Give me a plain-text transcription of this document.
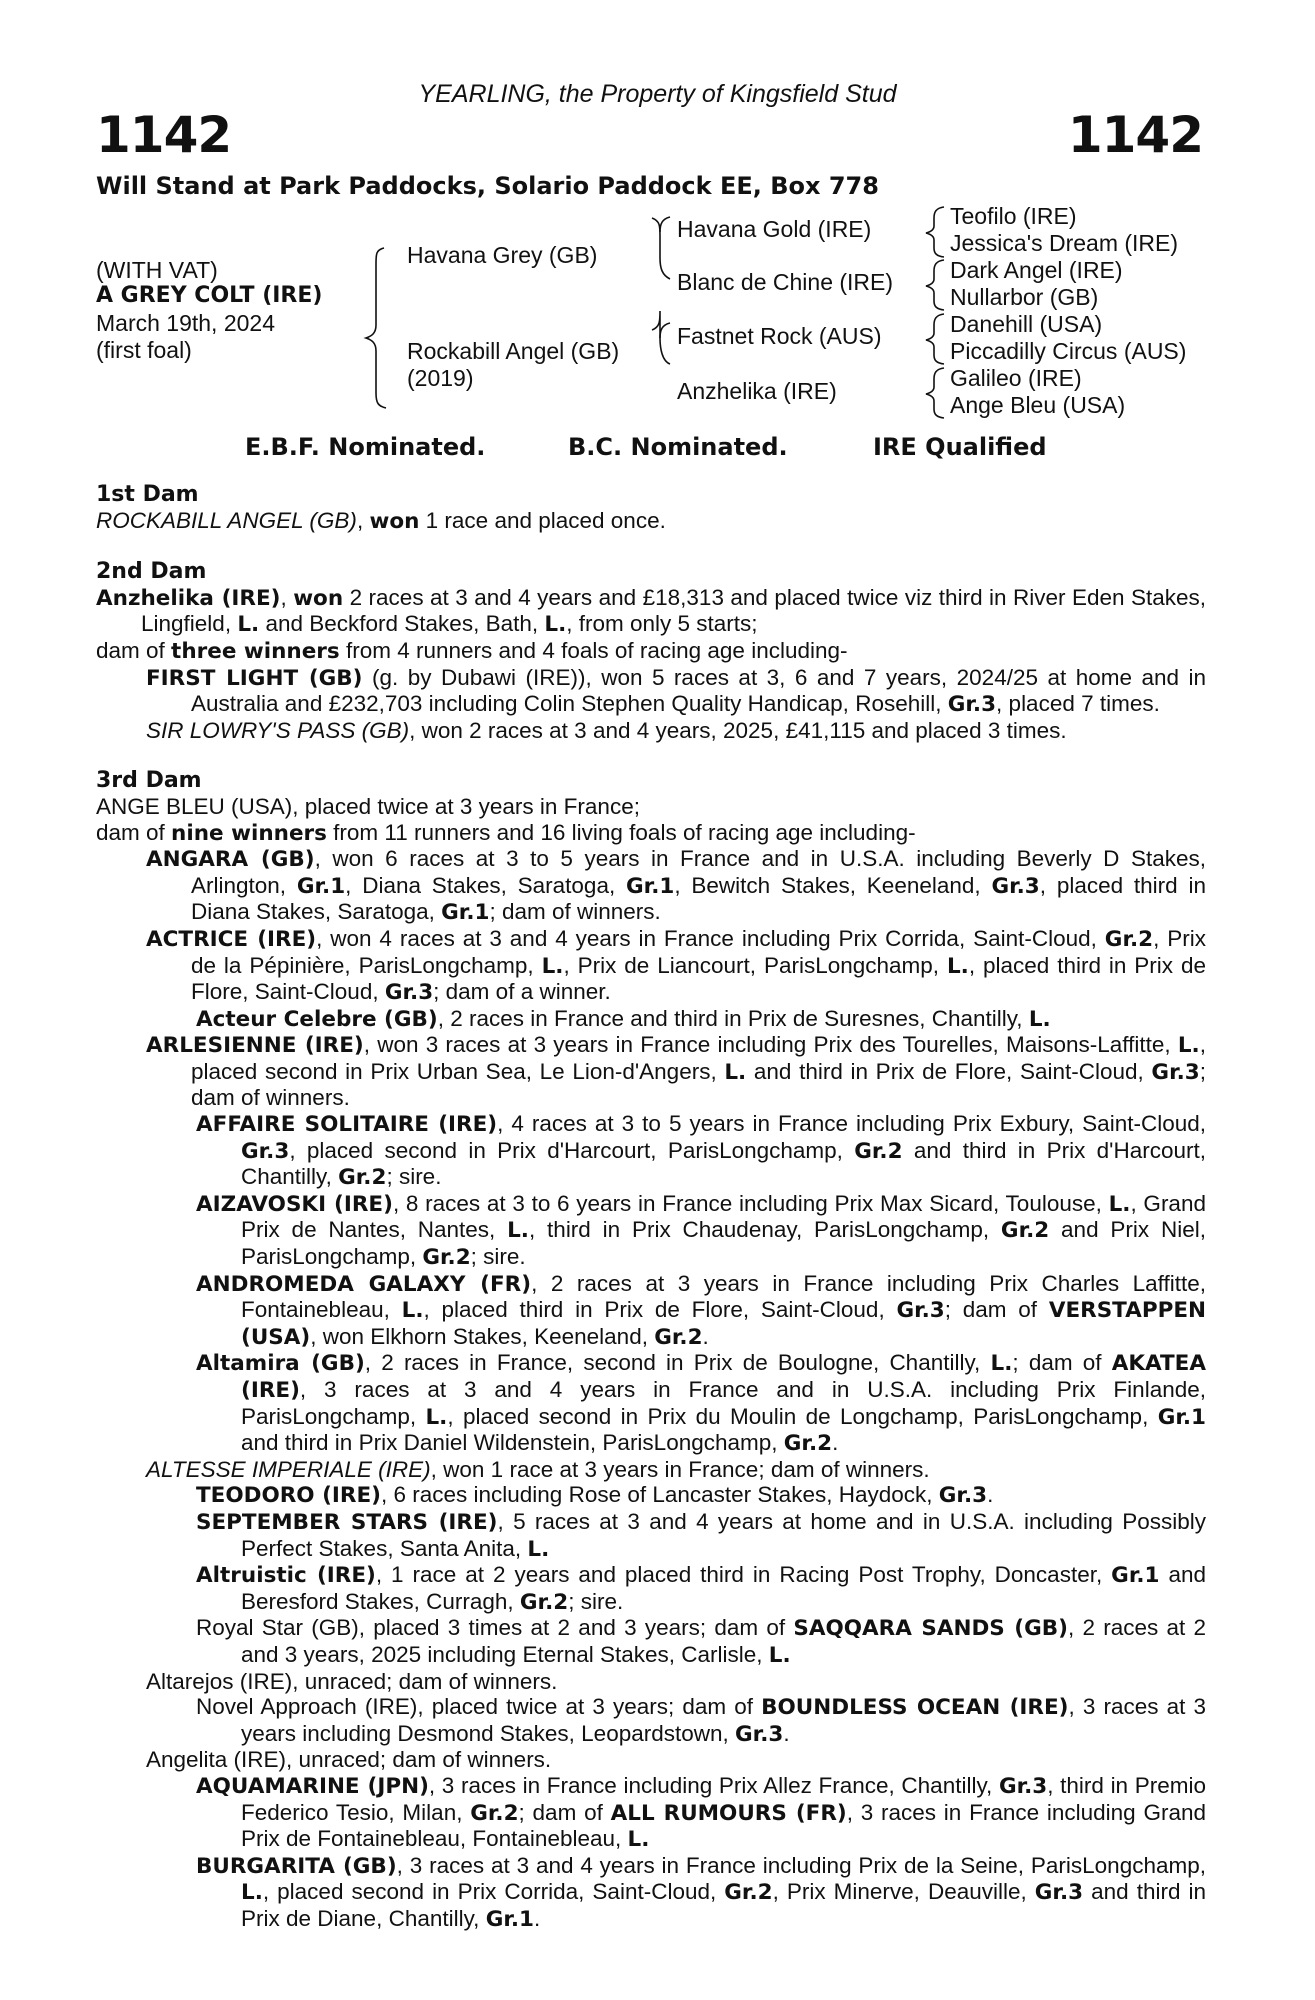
YEARLING, the Property of Kingsfield Stud
1142	1142
Will Stand at Park Paddocks, Solario Paddock EE, Box 778
(WITH VAT)
A GREY COLT (IRE)
March 19th, 2024
(first foal)
Havana Grey (GB)
Rockabill Angel (GB)
(2019)
Havana Gold (IRE)
Blanc de Chine (IRE)
Fastnet Rock (AUS)
Anzhelika (IRE)
Teofilo (IRE)
Jessica's Dream (IRE)
Dark Angel (IRE)
Nullarbor (GB)
Danehill (USA)
Piccadilly Circus (AUS)
Galileo (IRE)
Ange Bleu (USA)
E.B.F. Nominated.	B.C. Nominated.	IRE Qualified
1st Dam
ROCKABILL ANGEL (GB), won 1 race and placed once.
2nd Dam
Anzhelika (IRE), won 2 races at 3 and 4 years and £18,313 and placed twice viz third in River Eden Stakes, Lingfield, L. and Beckford Stakes, Bath, L., from only 5 starts;
dam of three winners from 4 runners and 4 foals of racing age including-
FIRST LIGHT (GB) (g. by Dubawi (IRE)), won 5 races at 3, 6 and 7 years, 2024/25 at home and in Australia and £232,703 including Colin Stephen Quality Handicap, Rosehill, Gr.3, placed 7 times.
SIR LOWRY'S PASS (GB), won 2 races at 3 and 4 years, 2025, £41,115 and placed 3 times.
3rd Dam
ANGE BLEU (USA), placed twice at 3 years in France;
dam of nine winners from 11 runners and 16 living foals of racing age including-
ANGARA (GB), won 6 races at 3 to 5 years in France and in U.S.A. including Beverly D Stakes, Arlington, Gr.1, Diana Stakes, Saratoga, Gr.1, Bewitch Stakes, Keeneland, Gr.3, placed third in Diana Stakes, Saratoga, Gr.1; dam of winners.
ACTRICE (IRE), won 4 races at 3 and 4 years in France including Prix Corrida, Saint-Cloud, Gr.2, Prix de la Pépinière, ParisLongchamp, L., Prix de Liancourt, ParisLongchamp, L., placed third in Prix de Flore, Saint-Cloud, Gr.3; dam of a winner.
Acteur Celebre (GB), 2 races in France and third in Prix de Suresnes, Chantilly, L.
ARLESIENNE (IRE), won 3 races at 3 years in France including Prix des Tourelles, Maisons-Laffitte, L., placed second in Prix Urban Sea, Le Lion-d'Angers, L. and third in Prix de Flore, Saint-Cloud, Gr.3; dam of winners.
AFFAIRE SOLITAIRE (IRE), 4 races at 3 to 5 years in France including Prix Exbury, Saint-Cloud, Gr.3, placed second in Prix d'Harcourt, ParisLongchamp, Gr.2 and third in Prix d'Harcourt, Chantilly, Gr.2; sire.
AIZAVOSKI (IRE), 8 races at 3 to 6 years in France including Prix Max Sicard, Toulouse, L., Grand Prix de Nantes, Nantes, L., third in Prix Chaudenay, ParisLongchamp, Gr.2 and Prix Niel, ParisLongchamp, Gr.2; sire.
ANDROMEDA GALAXY (FR), 2 races at 3 years in France including Prix Charles Laffitte, Fontainebleau, L., placed third in Prix de Flore, Saint-Cloud, Gr.3; dam of VERSTAPPEN (USA), won Elkhorn Stakes, Keeneland, Gr.2.
Altamira (GB), 2 races in France, second in Prix de Boulogne, Chantilly, L.; dam of AKATEA (IRE), 3 races at 3 and 4 years in France and in U.S.A. including Prix Finlande, ParisLongchamp, L., placed second in Prix du Moulin de Longchamp, ParisLongchamp, Gr.1 and third in Prix Daniel Wildenstein, ParisLongchamp, Gr.2.
ALTESSE IMPERIALE (IRE), won 1 race at 3 years in France; dam of winners.
TEODORO (IRE), 6 races including Rose of Lancaster Stakes, Haydock, Gr.3.
SEPTEMBER STARS (IRE), 5 races at 3 and 4 years at home and in U.S.A. including Possibly Perfect Stakes, Santa Anita, L.
Altruistic (IRE), 1 race at 2 years and placed third in Racing Post Trophy, Doncaster, Gr.1 and Beresford Stakes, Curragh, Gr.2; sire.
Royal Star (GB), placed 3 times at 2 and 3 years; dam of SAQQARA SANDS (GB), 2 races at 2 and 3 years, 2025 including Eternal Stakes, Carlisle, L.
Altarejos (IRE), unraced; dam of winners.
Novel Approach (IRE), placed twice at 3 years; dam of BOUNDLESS OCEAN (IRE), 3 races at 3 years including Desmond Stakes, Leopardstown, Gr.3.
Angelita (IRE), unraced; dam of winners.
AQUAMARINE (JPN), 3 races in France including Prix Allez France, Chantilly, Gr.3, third in Premio Federico Tesio, Milan, Gr.2; dam of ALL RUMOURS (FR), 3 races in France including Grand Prix de Fontainebleau, Fontainebleau, L.
BURGARITA (GB), 3 races at 3 and 4 years in France including Prix de la Seine, ParisLongchamp, L., placed second in Prix Corrida, Saint-Cloud, Gr.2, Prix Minerve, Deauville, Gr.3 and third in Prix de Diane, Chantilly, Gr.1.
